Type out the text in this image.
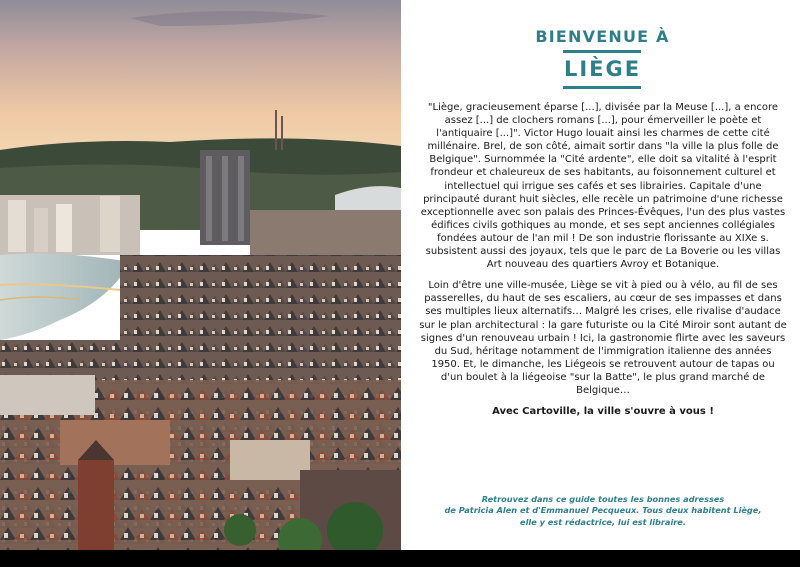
BIENVENUE À
LIÈGE

"Liège, gracieusement éparse [...], divisée par la Meuse [...], a encore assez [...] de clochers romans [...], pour émerveiller le poète et l'antiquaire [...]". Victor Hugo louait ainsi les charmes de cette cité millénaire. Brel, de son côté, aimait sortir dans "la ville la plus folle de Belgique". Surnommée la "Cité ardente", elle doit sa vitalité à l'esprit frondeur et chaleureux de ses habitants, au foisonnement culturel et intellectuel qui irrigue ses cafés et ses librairies. Capitale d'une principauté durant huit siècles, elle recèle un patrimoine d'une richesse exceptionnelle avec son palais des Princes-Évêques, l'un des plus vastes édifices civils gothiques au monde, et ses sept anciennes collégiales fondées autour de l'an mil ! De son industrie florissante au XIXe s. subsistent aussi des joyaux, tels que le parc de La Boverie ou les villas Art nouveau des quartiers Avroy et Botanique.

Loin d'être une ville-musée, Liège se vit à pied ou à vélo, au fil de ses passerelles, du haut de ses escaliers, au cœur de ses impasses et dans ses multiples lieux alternatifs… Malgré les crises, elle rivalise d'audace sur le plan architectural : la gare futuriste ou la Cité Miroir sont autant de signes d'un renouveau urbain ! Ici, la gastronomie flirte avec les saveurs du Sud, héritage notamment de l'immigration italienne des années 1950. Et, le dimanche, les Liégeois se retrouvent autour de tapas ou d'un boulet à la liégeoise "sur la Batte", le plus grand marché de Belgique…

Avec Cartoville, la ville s'ouvre à vous !

Retrouvez dans ce guide toutes les bonnes adresses

de Patricia Alen et d'Emmanuel Pecqueux. Tous deux habitent Liège,

elle y est rédactrice, lui est libraire.
